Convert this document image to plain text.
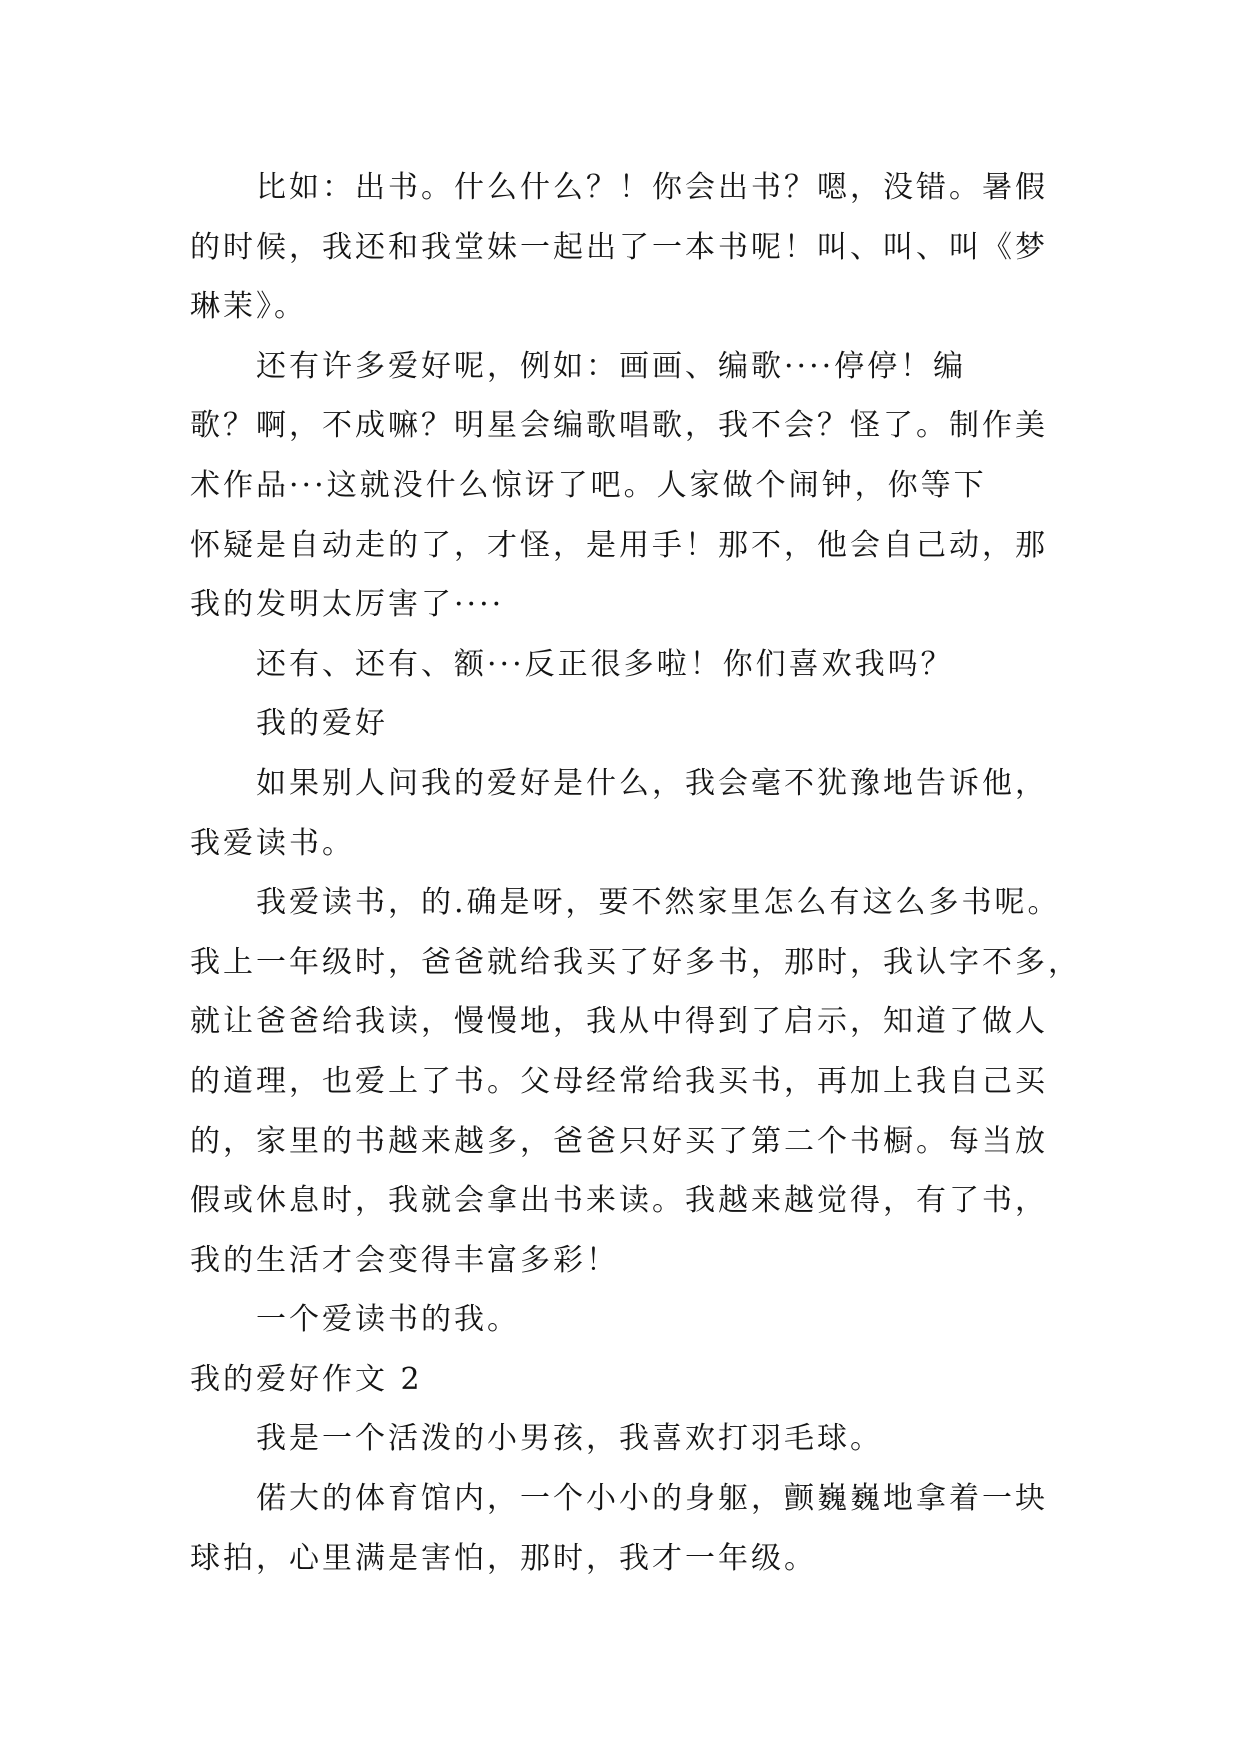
比如：出书。什么什么？！你会出书？嗯，没错。暑假
的时候，我还和我堂妹一起出了一本书呢！叫、叫、叫《梦
琳茉》。
还有许多爱好呢，例如：画画、编歌····停停！编
歌？啊，不成嘛？明星会编歌唱歌，我不会？怪了。制作美
术作品···这就没什么惊讶了吧。人家做个闹钟，你等下
怀疑是自动走的了，才怪，是用手！那不，他会自己动，那
我的发明太厉害了····
还有、还有、额···反正很多啦！你们喜欢我吗？
我的爱好
如果别人问我的爱好是什么，我会毫不犹豫地告诉他，
我爱读书。
我爱读书，的.确是呀，要不然家里怎么有这么多书呢。
我上一年级时，爸爸就给我买了好多书，那时，我认字不多，
就让爸爸给我读，慢慢地，我从中得到了启示，知道了做人
的道理，也爱上了书。父母经常给我买书，再加上我自己买
的，家里的书越来越多，爸爸只好买了第二个书橱。每当放
假或休息时，我就会拿出书来读。我越来越觉得，有了书，
我的生活才会变得丰富多彩！
一个爱读书的我。
我的爱好作文 2
我是一个活泼的小男孩，我喜欢打羽毛球。
偌大的体育馆内，一个小小的身躯，颤巍巍地拿着一块
球拍，心里满是害怕，那时，我才一年级。
